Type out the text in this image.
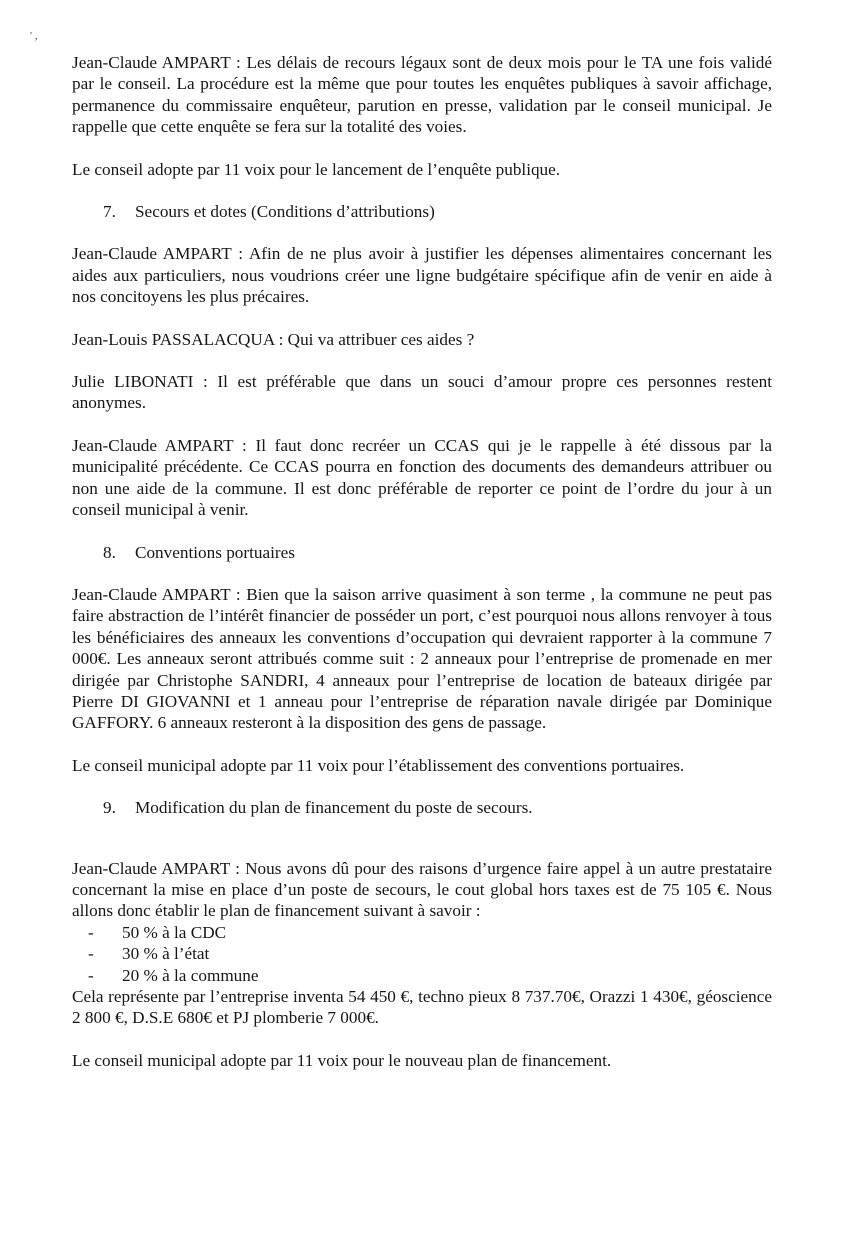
' ,

Jean-Claude AMPART : Les délais de recours légaux sont de deux mois pour le TA une fois validé par le conseil. La procédure est la même que pour toutes les enquêtes publiques à savoir affichage, permanence du commissaire enquêteur, parution en presse, validation par le conseil municipal. Je rappelle que cette enquête se fera sur la totalité des voies.

Le conseil adopte par 11 voix pour le lancement de l’enquête publique.

7. Secours et dotes (Conditions d’attributions)

Jean-Claude AMPART : Afin de ne plus avoir à justifier les dépenses alimentaires concernant les aides aux particuliers, nous voudrions créer une ligne budgétaire spécifique afin de venir en aide à nos concitoyens les plus précaires.

Jean-Louis PASSALACQUA : Qui va attribuer ces aides ?

Julie LIBONATI : Il est préférable que dans un souci d’amour propre ces personnes restent anonymes.

Jean-Claude AMPART : Il faut donc recréer un CCAS qui je le rappelle à été dissous par la municipalité précédente. Ce CCAS pourra en fonction des documents des demandeurs attribuer ou non une aide de la commune. Il est donc préférable de reporter ce point de l’ordre du jour à un conseil municipal à venir.

8. Conventions portuaires

Jean-Claude AMPART : Bien que la saison arrive quasiment à son terme , la commune ne peut pas faire abstraction de l’intérêt financier de posséder un port, c’est pourquoi nous allons renvoyer à tous les bénéficiaires des anneaux les conventions d’occupation qui devraient rapporter à la commune 7 000€. Les anneaux seront attribués comme suit : 2 anneaux pour l’entreprise de promenade en mer dirigée par Christophe SANDRI, 4 anneaux pour l’entreprise de location de bateaux dirigée par Pierre DI GIOVANNI et 1 anneau pour l’entreprise de réparation navale dirigée par Dominique GAFFORY. 6 anneaux resteront à la disposition des gens de passage.

Le conseil municipal adopte par 11 voix pour l’établissement des conventions portuaires.

9. Modification du plan de financement du poste de secours.

Jean-Claude AMPART : Nous avons dû pour des raisons d’urgence faire appel à un autre prestataire concernant la mise en place d’un poste de secours, le cout global hors taxes est de 75 105 €. Nous allons donc établir le plan de financement suivant à savoir :

- 50 % à la CDC
- 30 % à l’état
- 20 % à la commune

Cela représente par l’entreprise inventa 54 450 €, techno pieux 8 737.70€, Orazzi 1 430€, géoscience 2 800 €, D.S.E 680€ et PJ plomberie 7 000€.

Le conseil municipal adopte par 11 voix pour le nouveau plan de financement.
